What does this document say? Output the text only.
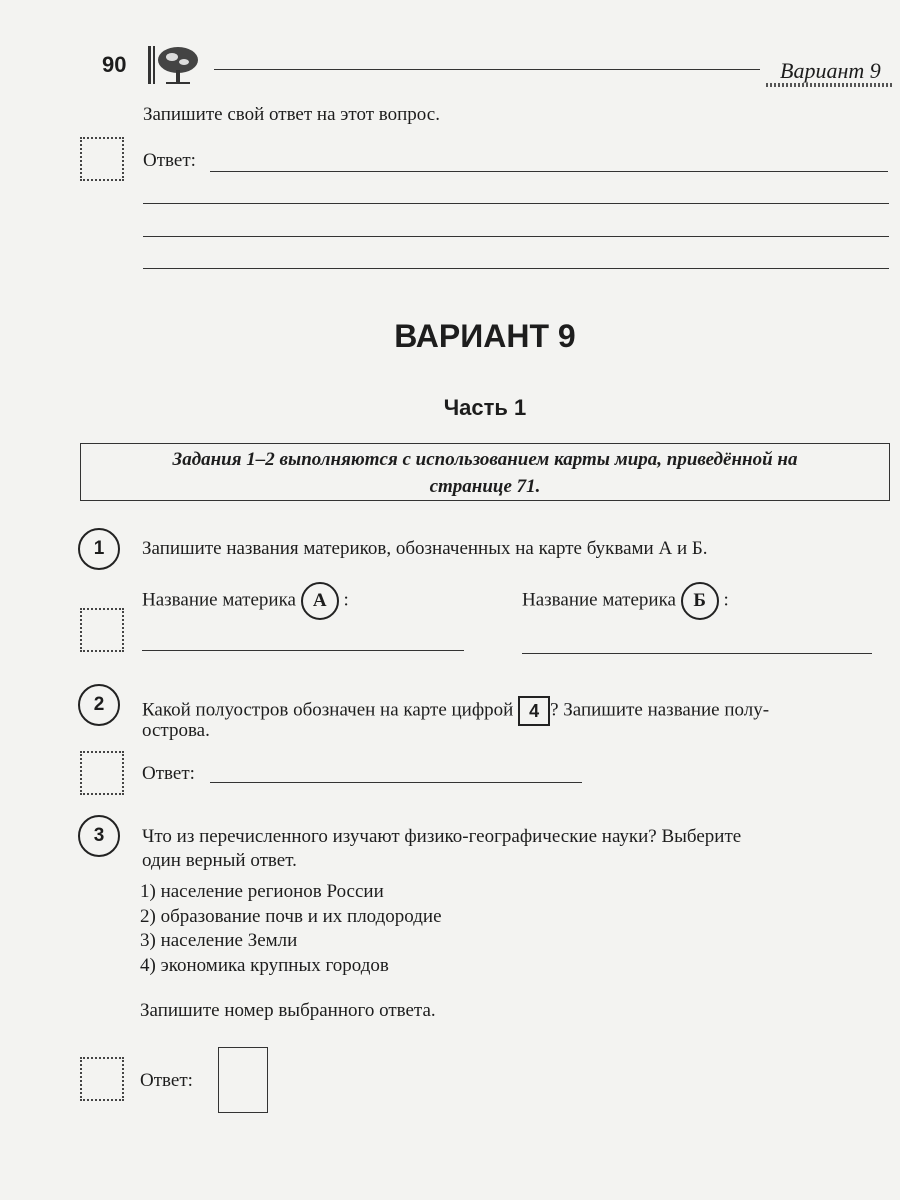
90	Вариант 9
Запишите свой ответ на этот вопрос.
Ответ:
ВАРИАНТ 9
Часть 1
Задания 1–2 выполняются с использованием карты мира, приведённой на
странице 71.
1	Запишите названия материков, обозначенных на карте буквами А и Б.
Название материка А :	Название материка Б :
2	Какой полуостров обозначен на карте цифрой 4 ? Запишите название полу-
острова.
Ответ:
3	Что из перечисленного изучают физико-географические науки? Выберите
один верный ответ.
1) население регионов России
2) образование почв и их плодородие
3) население Земли
4) экономика крупных городов
Запишите номер выбранного ответа.
Ответ:
